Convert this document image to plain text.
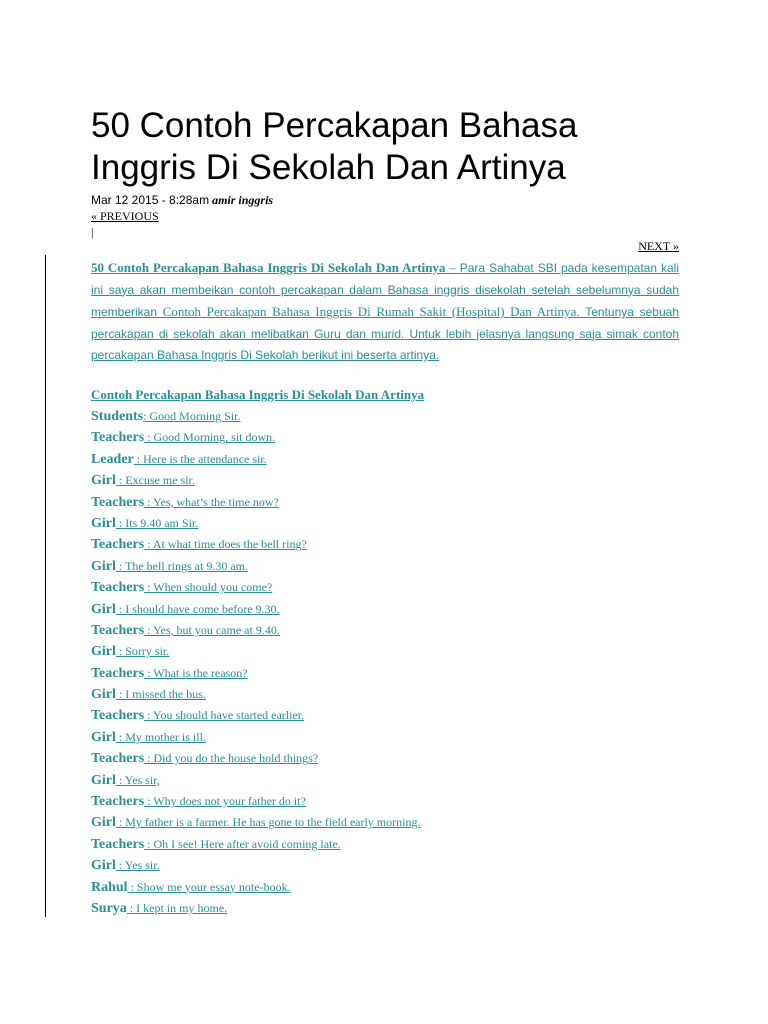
50 Contoh Percakapan Bahasa Inggris Di Sekolah Dan Artinya
Mar 12 2015 - 8:28am amir inggris
« PREVIOUS
|
NEXT »
50 Contoh Percakapan Bahasa Inggris Di Sekolah Dan Artinya – Para Sahabat SBI pada kesempatan kali ini saya akan membeikan contoh percakapan dalam Bahasa inggris disekolah setelah sebelumnya sudah memberikan Contoh Percakapan Bahasa Inggris Di Rumah Sakit (Hospital) Dan Artinya. Tentunya sebuah percakapan di sekolah akan melibatkan Guru dan murid. Untuk lebih jelasnya langsung saja simak contoh percakapan Bahasa Inggris Di Sekolah berikut ini beserta artinya.
Contoh Percakapan Bahasa Inggris Di Sekolah Dan Artinya
Students: Good Morning Sir.
Teachers : Good Morning, sit down.
Leader : Here is the attendance sir.
Girl : Excuse me sir.
Teachers : Yes, what’s the time now?
Girl : Its 9.40 am Sir.
Teachers : At what time does the bell ring?
Girl : The bell rings at 9.30 am.
Teachers : When should you come?
Girl : I should have come before 9.30.
Teachers : Yes, but you came at 9.40.
Girl : Sorry sir.
Teachers : What is the reason?
Girl : I missed the bus.
Teachers : You should have started earlier.
Girl : My mother is ill.
Teachers : Did you do the house hold things?
Girl : Yes sir,
Teachers : Why does not your father do it?
Girl : My father is a farmer. He has gone to the field early morning.
Teachers : Oh I see! Here after avoid coming late.
Girl : Yes sir.
Rahul : Show me your essay note-book.
Surya : I kept in my home.
